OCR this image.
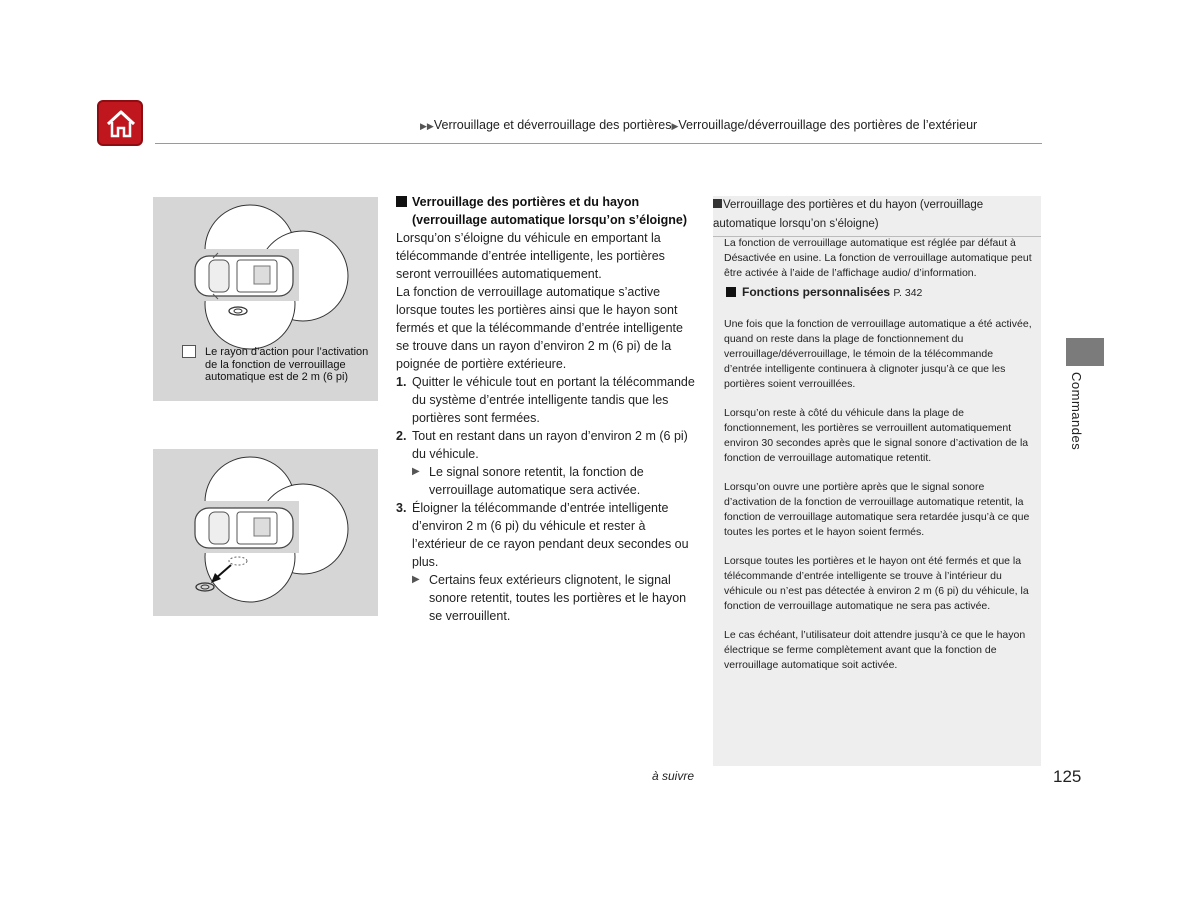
▶▶Verrouillage et déverrouillage des portières▶Verrouillage/déverrouillage des portières de l’extérieur
Le rayon d’action pour l’activation de la fonction de verrouillage automatique est de 2 m (6 pi)
Verrouillage des portières et du hayon (verrouillage automatique lorsqu’on s’éloigne)

Lorsqu’on s’éloigne du véhicule en emportant la télécommande d’entrée intelligente, les portières seront verrouillées automatiquement.

La fonction de verrouillage automatique s’active lorsque toutes les portières ainsi que le hayon sont fermés et que la télécommande d’entrée intelligente se trouve dans un rayon d’environ 2 m (6 pi) de la poignée de portière extérieure.

1. Quitter le véhicule tout en portant la télécommande du système d’entrée intelligente tandis que les portières sont fermées.
2. Tout en restant dans un rayon d’environ 2 m (6 pi) du véhicule.
▶ Le signal sonore retentit, la fonction de verrouillage automatique sera activée.
3. Éloigner la télécommande d’entrée intelligente d’environ 2 m (6 pi) du véhicule et rester à l’extérieur de ce rayon pendant deux secondes ou plus.
▶ Certains feux extérieurs clignotent, le signal sonore retentit, toutes les portières et le hayon se verrouillent.
Verrouillage des portières et du hayon (verrouillage automatique lorsqu’on s’éloigne)

La fonction de verrouillage automatique est réglée par défaut à Désactivée en usine. La fonction de verrouillage automatique peut être activée à l’aide de l’affichage audio/ d’information.

Fonctions personnalisées P. 342

Une fois que la fonction de verrouillage automatique a été activée, quand on reste dans la plage de fonctionnement du verrouillage/déverrouillage, le témoin de la télécommande d’entrée intelligente continuera à clignoter jusqu’à ce que les portières soient verrouillées.

Lorsqu’on reste à côté du véhicule dans la plage de fonctionnement, les portières se verrouillent automatiquement environ 30 secondes après que le signal sonore d’activation de la fonction de verrouillage automatique retentit.

Lorsqu’on ouvre une portière après que le signal sonore d’activation de la fonction de verrouillage automatique retentit, la fonction de verrouillage automatique sera retardée jusqu’à ce que toutes les portes et le hayon soient fermés.

Lorsque toutes les portières et le hayon ont été fermés et que la télécommande d’entrée intelligente se trouve à l’intérieur du véhicule ou n’est pas détectée à environ 2 m (6 pi) du véhicule, la fonction de verrouillage automatique ne sera pas activée.

Le cas échéant, l’utilisateur doit attendre jusqu’à ce que le hayon électrique se ferme complètement avant que la fonction de verrouillage automatique soit activée.

Commandes
à suivre	125
